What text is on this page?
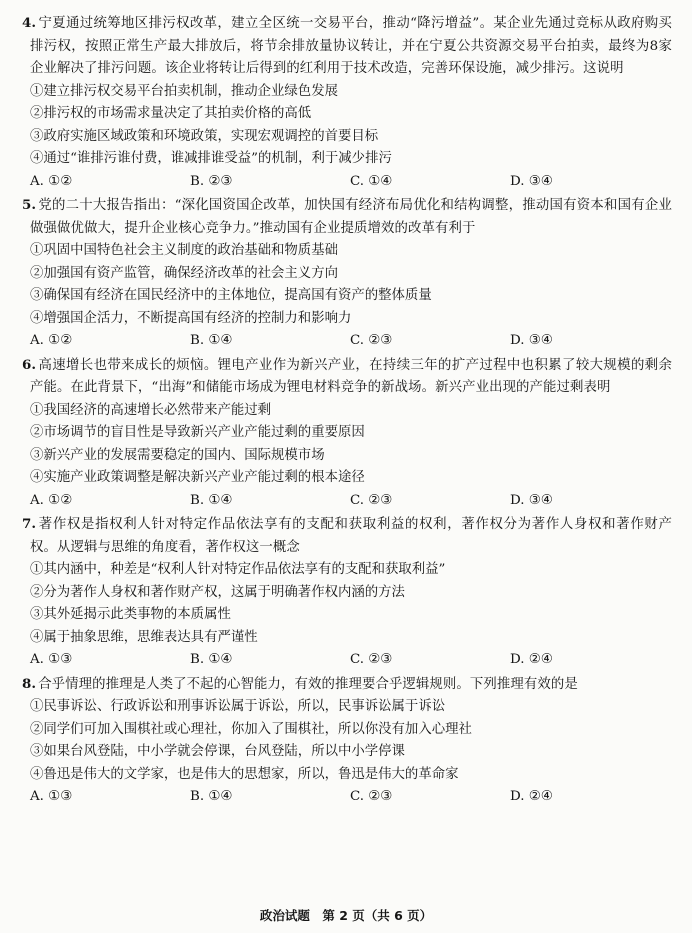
4. 宁夏通过统筹地区排污权改革，建立全区统一交易平台，推动“降污增益”。某企业先通过竞标从政府购买排污权，按照正常生产最大排放后，将节余排放量协议转让，并在宁夏公共资源交易平台拍卖，最终为8家企业解决了排污问题。该企业将转让后得到的红利用于技术改造，完善环保设施，减少排污。这说明
①建立排污权交易平台拍卖机制，推动企业绿色发展
②排污权的市场需求量决定了其拍卖价格的高低
③政府实施区域政策和环境政策，实现宏观调控的首要目标
④通过“谁排污谁付费，谁减排谁受益”的机制，利于减少排污
A. ①②	B. ②③	C. ①④	D. ③④
5. 党的二十大报告指出：“深化国资国企改革，加快国有经济布局优化和结构调整，推动国有资本和国有企业做强做优做大，提升企业核心竞争力。”推动国有企业提质增效的改革有利于
①巩固中国特色社会主义制度的政治基础和物质基础
②加强国有资产监管，确保经济改革的社会主义方向
③确保国有经济在国民经济中的主体地位，提高国有资产的整体质量
④增强国企活力，不断提高国有经济的控制力和影响力
A. ①②	B. ①④	C. ②③	D. ③④
6. 高速增长也带来成长的烦恼。锂电产业作为新兴产业，在持续三年的扩产过程中也积累了较大规模的剩余产能。在此背景下，“出海”和储能市场成为锂电材料竞争的新战场。新兴产业出现的产能过剩表明
①我国经济的高速增长必然带来产能过剩
②市场调节的盲目性是导致新兴产业产能过剩的重要原因
③新兴产业的发展需要稳定的国内、国际规模市场
④实施产业政策调整是解决新兴产业产能过剩的根本途径
A. ①②	B. ①④	C. ②③	D. ③④
7. 著作权是指权利人针对特定作品依法享有的支配和获取利益的权利，著作权分为著作人身权和著作财产权。从逻辑与思维的角度看，著作权这一概念
①其内涵中，种差是“权利人针对特定作品依法享有的支配和获取利益”
②分为著作人身权和著作财产权，这属于明确著作权内涵的方法
③其外延揭示此类事物的本质属性
④属于抽象思维，思维表达具有严谨性
A. ①③	B. ①④	C. ②③	D. ②④
8. 合乎情理的推理是人类了不起的心智能力，有效的推理要合乎逻辑规则。下列推理有效的是
①民事诉讼、行政诉讼和刑事诉讼属于诉讼，所以，民事诉讼属于诉讼
②同学们可加入围棋社或心理社，你加入了围棋社，所以你没有加入心理社
③如果台风登陆，中小学就会停课，台风登陆，所以中小学停课
④鲁迅是伟大的文学家，也是伟大的思想家，所以，鲁迅是伟大的革命家
A. ①③	B. ①④	C. ②③	D. ②④
政治试题　第 2 页（共 6 页）
